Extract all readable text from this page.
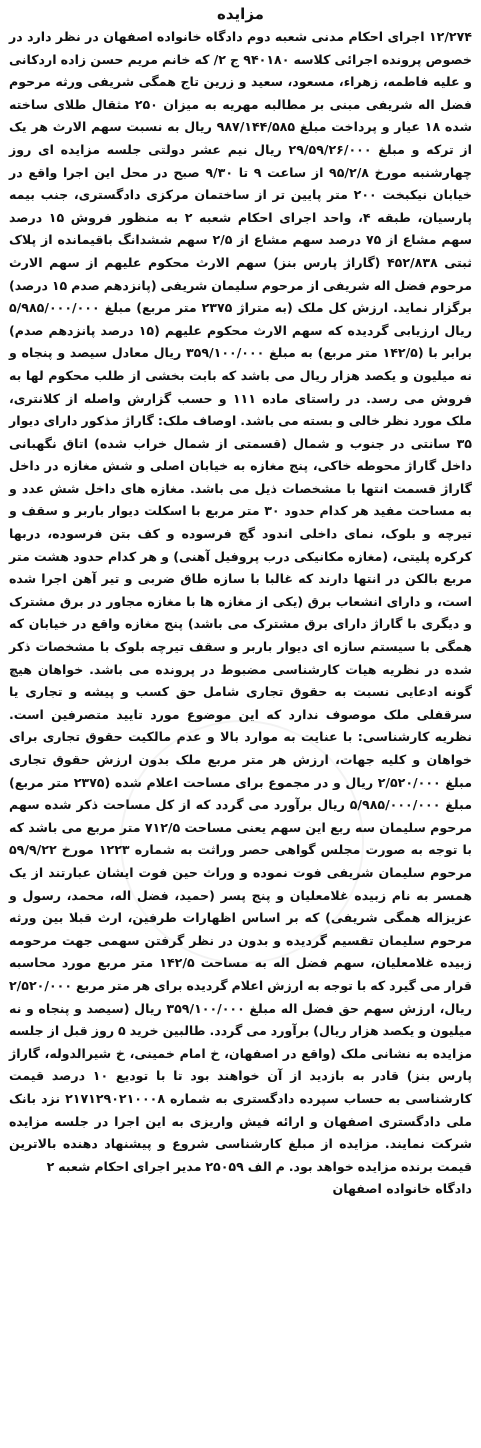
مزایده

۱۲/۲۷۴ اجرای احکام مدنی شعبه دوم دادگاه خانواده اصفهان در نظر دارد در خصوص پرونده اجرائی کلاسه ۹۴۰۱۸۰ ج ۲/ که خانم مریم حسن زاده اردکانی و علیه فاطمه، زهراء، مسعود، سعید و زرین تاج همگی شریفی ورثه مرحوم فضل اله شریفی مبنی بر مطالبه مهریه به میزان ۲۵۰ مثقال طلای ساخته شده ۱۸ عیار و پرداخت مبلغ ۹۸۷/۱۴۴/۵۸۵ ریال به نسبت سهم الارث هر یک از ترکه و مبلغ ۲۹/۵۹/۲۶/۰۰۰ ریال نیم عشر دولتی جلسه مزایده ای روز چهارشنبه مورخ ۹۵/۲/۸ از ساعت ۹ تا ۹/۳۰ صبح در محل این اجرا واقع در خیابان نیکبخت ۲۰۰ متر پایین تر از ساختمان مرکزی دادگستری، جنب بیمه پارسیان، طبقه ۴، واحد اجرای احکام شعبه ۲ به منظور فروش ۱۵ درصد سهم مشاع از ۷۵ درصد سهم مشاع از ۲/۵ سهم ششدانگ باقیمانده از پلاک ثبتی ۴۵۲/۸۳۸ (گاراژ پارس بنز) سهم الارث محکوم علیهم از سهم الارث مرحوم فضل اله شریفی از مرحوم سلیمان شریفی (پانزدهم صدم ۱۵ درصد) برگزار نماید. ارزش کل ملک (به متراژ ۲۳۷۵ متر مربع) مبلغ ۵/۹۸۵/۰۰۰/۰۰۰ ریال ارزیابی گردیده که سهم الارث محکوم علیهم (۱۵ درصد پانزدهم صدم) برابر با (۱۴۲/۵ متر مربع) به مبلغ ۳۵۹/۱۰۰/۰۰۰ ریال معادل سیصد و پنجاه و نه میلیون و یکصد هزار ریال می باشد که بابت بخشی از طلب محکوم لها به فروش می رسد. در راستای ماده ۱۱۱ و حسب گزارش واصله از کلانتری، ملک مورد نظر خالی و بسته می باشد. اوصاف ملک: گاراژ مذکور دارای دیوار ۳۵ سانتی در جنوب و شمال (قسمتی از شمال خراب شده) اتاق نگهبانی داخل گاراژ محوطه خاکی، پنج مغازه به خیابان اصلی و شش مغازه در داخل گاراژ قسمت انتها با مشخصات ذیل می باشد. مغازه های داخل شش عدد و به مساحت مفید هر کدام حدود ۳۰ متر مربع با اسکلت دیوار باربر و سقف و تیرچه و بلوک، نمای داخلی اندود گچ فرسوده و کف بتن فرسوده، دربها کرکره پلیتی، (مغازه مکانیکی درب پروفیل آهنی) و هر کدام حدود هشت متر مربع بالکن در انتها دارند که غالبا با سازه طاق ضربی و تیر آهن اجرا شده است، و دارای انشعاب برق (یکی از مغازه ها با مغازه مجاور در برق مشترک و دیگری با گاراژ دارای برق مشترک می باشد) پنج مغازه واقع در خیابان که همگی با سیستم سازه ای دیوار باربر و سقف تیرچه بلوک با مشخصات ذکر شده در نظریه هیات کارشناسی مضبوط در پرونده می باشد. خواهان هیچ گونه ادعایی نسبت به حقوق تجاری شامل حق کسب و پیشه و تجاری یا سرقفلی ملک موصوف ندارد که این موضوع مورد تایید متصرفین است. نظریه کارشناسی: با عنایت به موارد بالا و عدم مالکیت حقوق تجاری برای خواهان و کلیه جهات، ارزش هر متر مربع ملک بدون ارزش حقوق تجاری مبلغ ۲/۵۲۰/۰۰۰ ریال و در مجموع برای مساحت اعلام شده (۲۳۷۵ متر مربع) مبلغ ۵/۹۸۵/۰۰۰/۰۰۰ ریال برآورد می گردد که از کل مساحت ذکر شده سهم مرحوم سلیمان سه ربع این سهم یعنی مساحت ۷۱۲/۵ متر مربع می باشد که با توجه به صورت مجلس گواهی حصر وراثت به شماره ۱۲۲۳ مورخ ۵۹/۹/۲۲ مرحوم سلیمان شریفی فوت نموده و وراث حین فوت ایشان عبارتند از یک همسر به نام زبیده غلامعلیان و پنج پسر (حمید، فضل اله، محمد، رسول و عزیزاله همگی شریفی) که بر اساس اظهارات طرفین، ارث قبلا بین ورثه مرحوم سلیمان تقسیم گردیده و بدون در نظر گرفتن سهمی جهت مرحومه زبیده غلامعلیان، سهم فضل اله به مساحت ۱۴۲/۵ متر مربع مورد محاسبه قرار می گیرد که با توجه به ارزش اعلام گردیده برای هر متر مربع ۲/۵۲۰/۰۰۰ ریال، ارزش سهم حق فضل اله مبلغ ۳۵۹/۱۰۰/۰۰۰ ریال (سیصد و پنجاه و نه میلیون و یکصد هزار ریال) برآورد می گردد. طالبین خرید ۵ روز قبل از جلسه مزایده به نشانی ملک (واقع در اصفهان، خ امام خمینی، خ شیرالدوله، گاراژ پارس بنز) قادر به بازدید از آن خواهند بود تا با تودیع ۱۰ درصد قیمت کارشناسی به حساب سپرده دادگستری به شماره ۲۱۷۱۲۹۰۲۱۰۰۰۸ نزد بانک ملی دادگستری اصفهان و ارائه فیش واریزی به این اجرا در جلسه مزایده شرکت نمایند. مزایده از مبلغ کارشناسی شروع و پیشنهاد دهنده بالاترین قیمت برنده مزایده خواهد بود. م الف ۲۵۰۵۹ مدیر اجرای احکام شعبه ۲

دادگاه خانواده اصفهان
